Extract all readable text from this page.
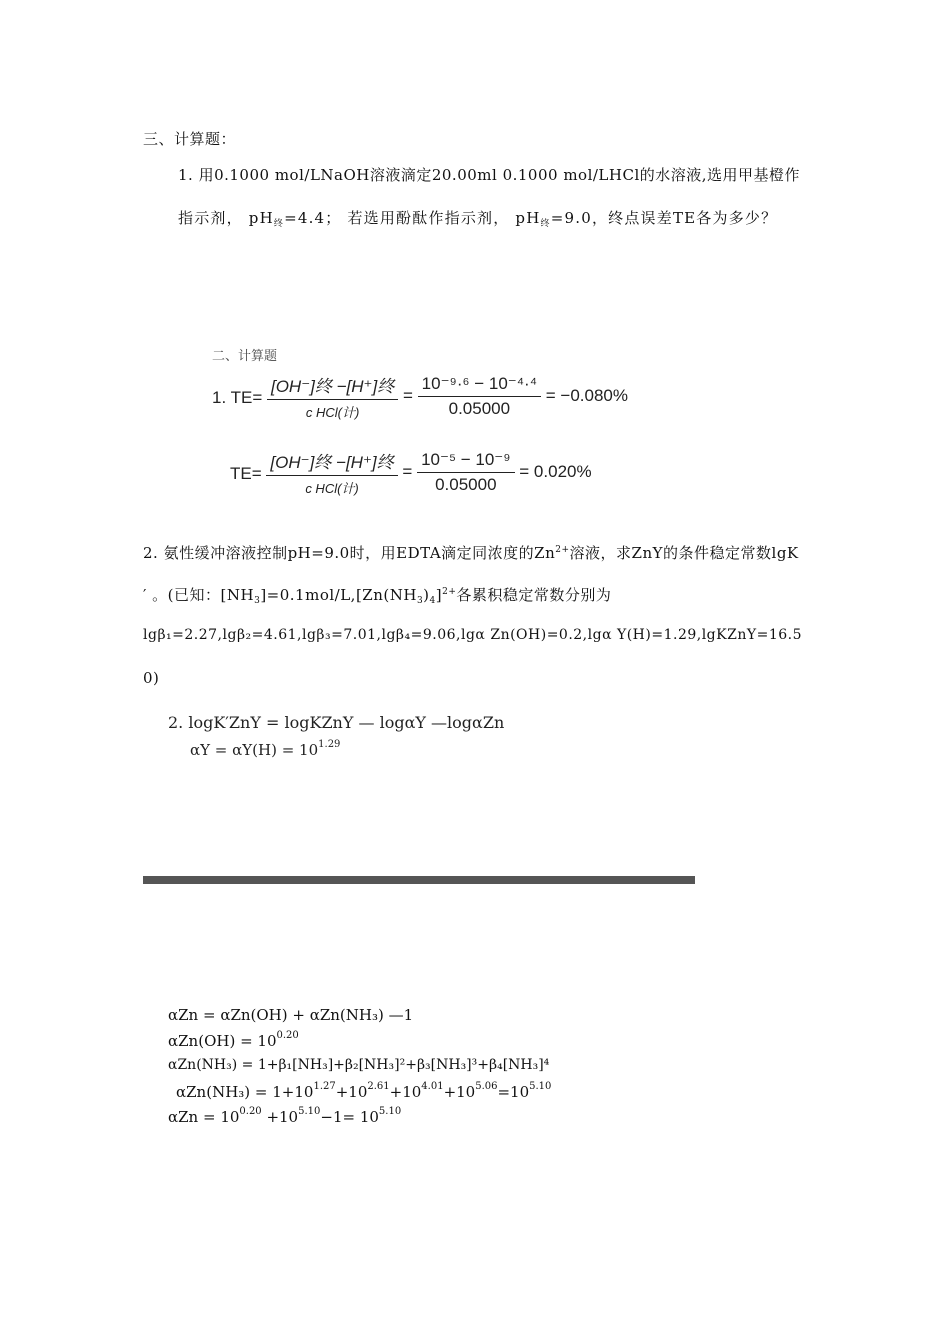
三、计算题：
1. 用0.1000 mol/LNaOH溶液滴定20.00ml 0.1000 mol/LHCl的水溶液,选用甲基橙作
指示剂， $pH_终=4.4$； 若选用酚酞作指示剂， $pH_终=9.0$，终点误差TE各为多少？
二、计算题
1. $TE= \frac{\text{[OH⁻]终 −[H⁺]终}}{\text{c HCl(计)}} = \frac{\text{10⁻⁹·⁶ − 10⁻⁴·⁴}}{0.05000} = -0.080\%$
$TE= \frac{\text{[OH⁻]终 −[H⁺]终}}{\text{c HCl(计)}} = \frac{\text{10⁻⁵ − 10⁻⁹}}{0.05000} = 0.020\%$
2. 氨性缓冲溶液控制pH=9.0时，用EDTA滴定同浓度的$Zn^{2+}$溶液，求ZnY的条件稳定常数lgK
′ 。(已知：$[NH_3]=0.1mol/L,[Zn(NH_3)_4]^{2+}$各累积稳定常数分别为
lgβ₁=2.27,lgβ₂=4.61,lgβ₃=7.01,lgβ₄=9.06,lgα Zn(OH)=0.2,lgα Y(H)=1.29,lgKZnY=16.5
0)
2. logK′ZnY = logKZnY — logαY —logαZn
$\alpha Y = \alpha Y(H) = 10^{1.29}$
αZn = αZn(OH) + αZn(NH₃) —1
$\alpha Zn(OH) = 10^{0.20}$
αZn(NH₃) = 1+β₁[NH₃]+β₂[NH₃]²+β₃[NH₃]³+β₄[NH₃]⁴
$\alpha Zn(NH_3) = 1+10^{1.27}+10^{2.61}+10^{4.01}+10^{5.06}=10^{5.10}$
$\alpha Zn = 10^{0.20} +10^{5.10}-1= 10^{5.10}$
